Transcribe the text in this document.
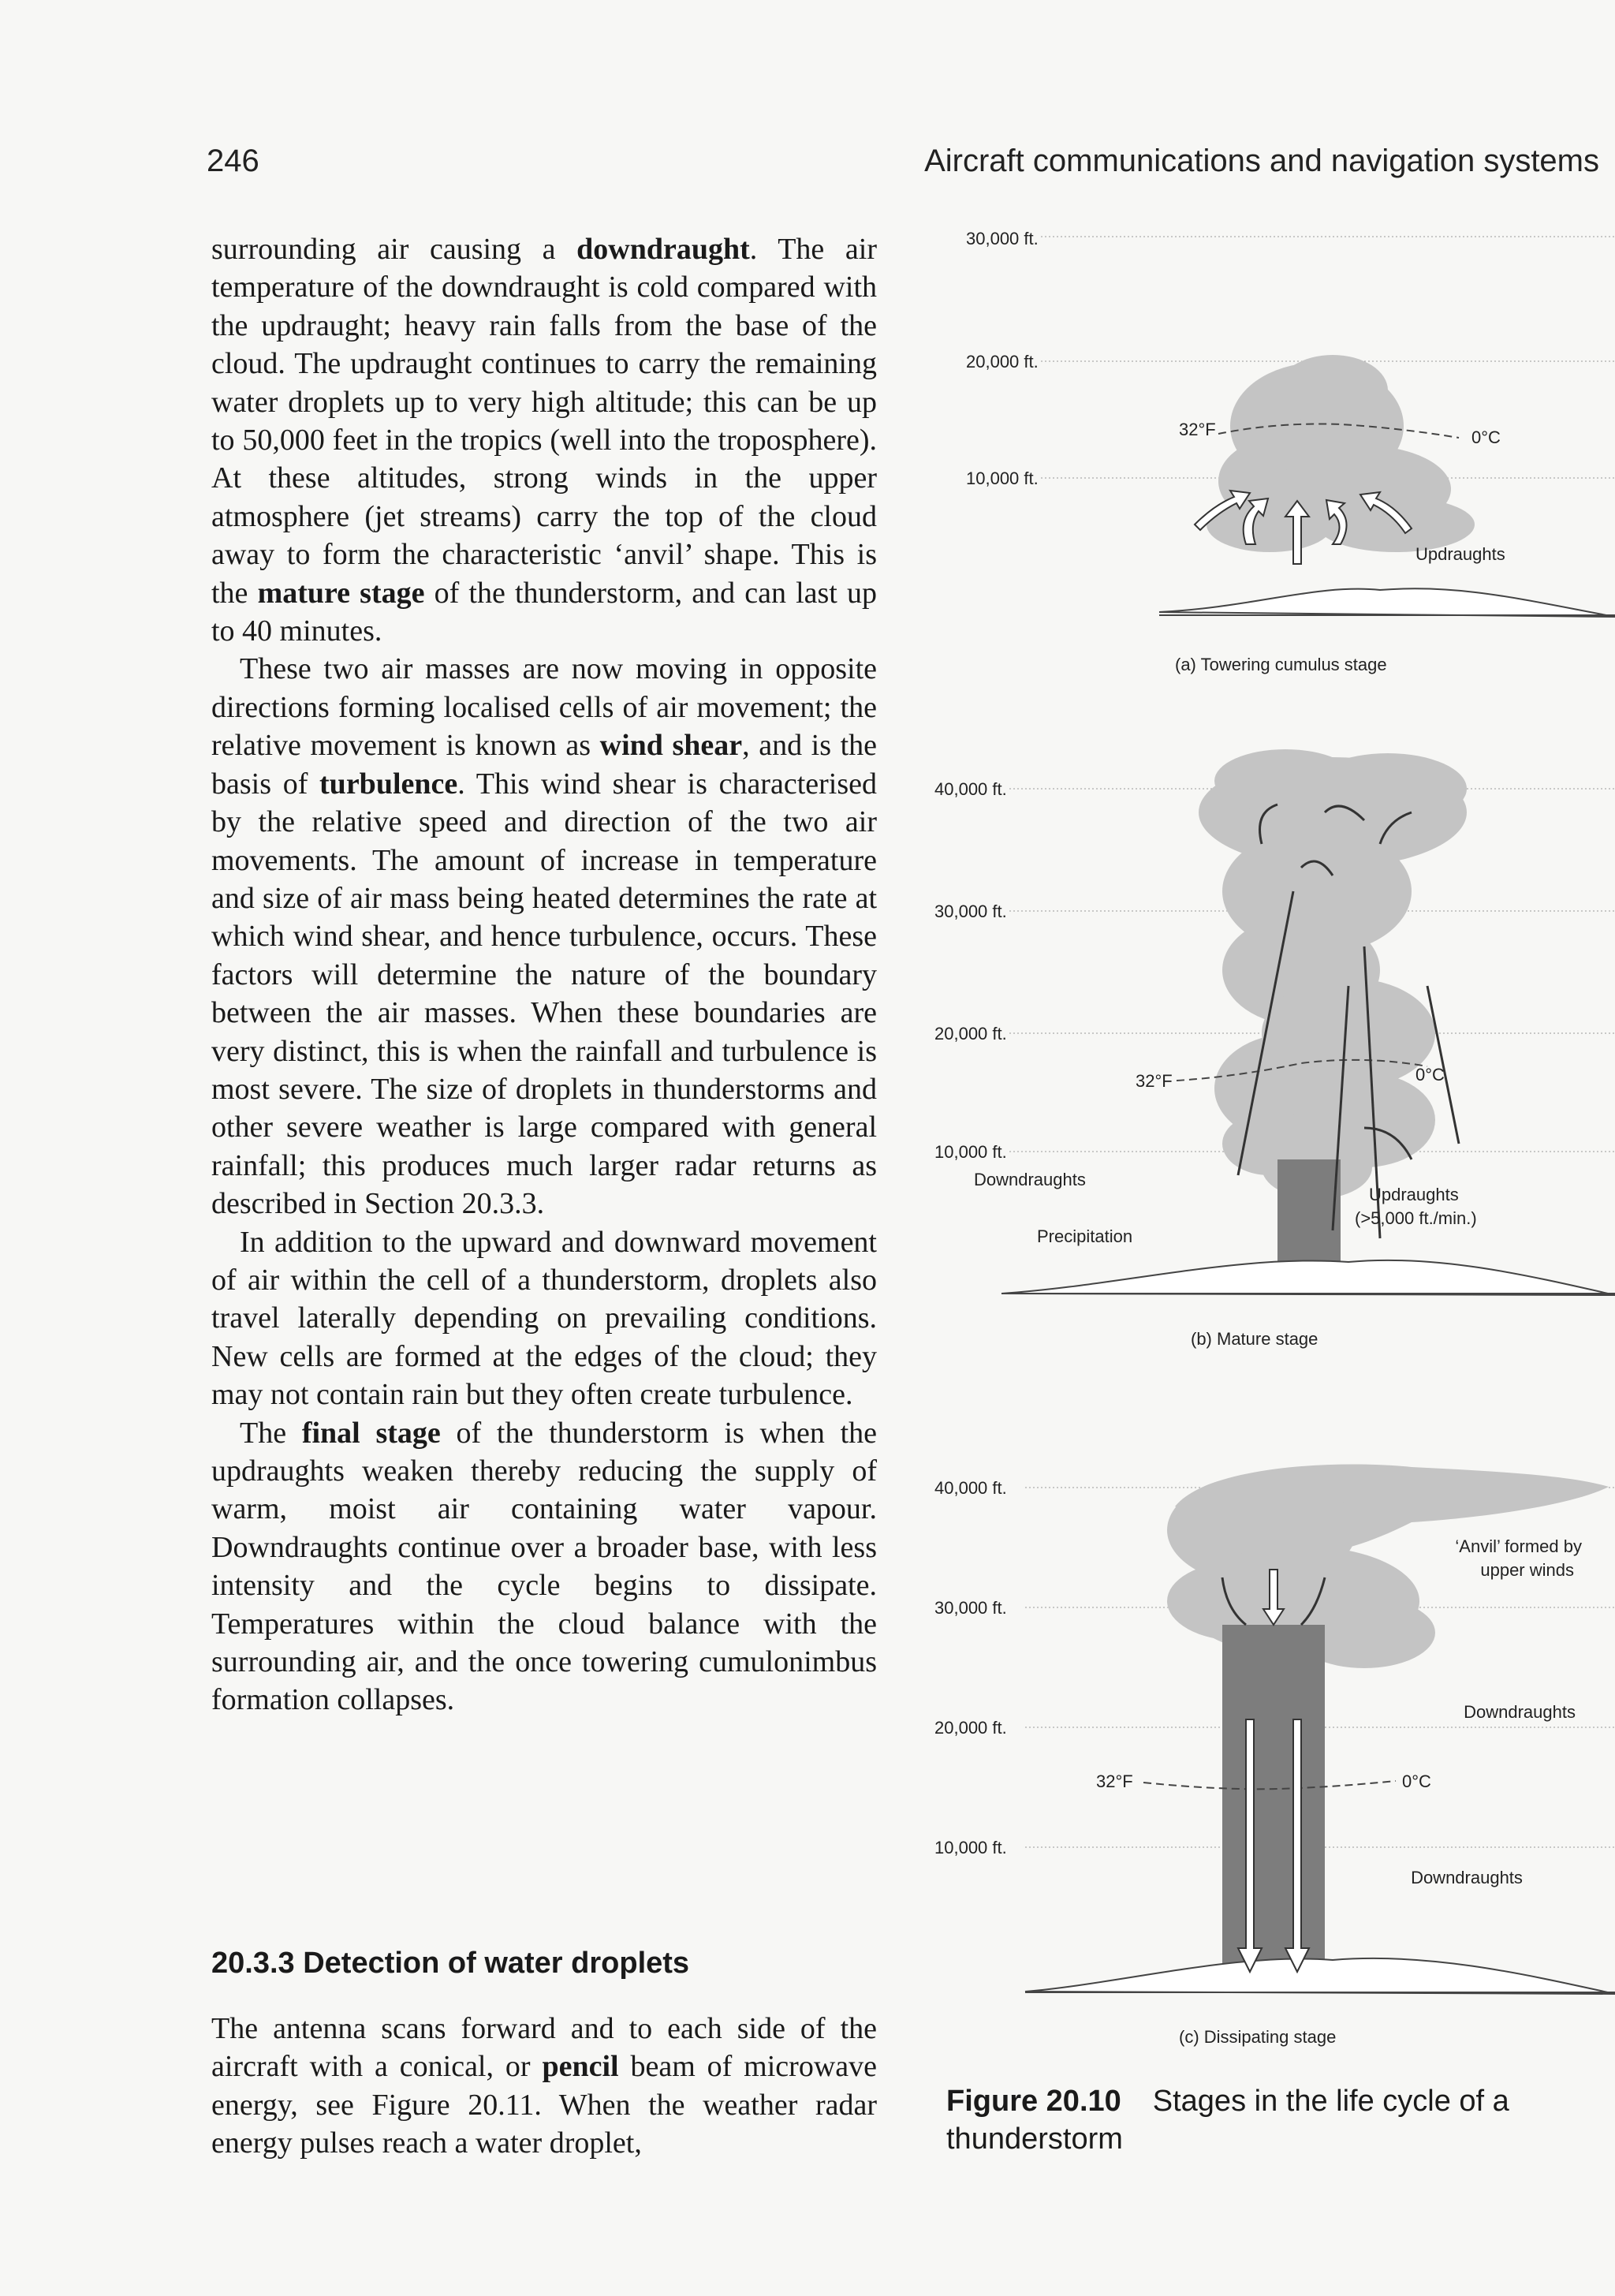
246	Aircraft communications and navigation systems

surrounding air causing a downdraught. The air temperature of the downdraught is cold compared with the updraught; heavy rain falls from the base of the cloud. The updraught continues to carry the remaining water droplets up to very high altitude; this can be up to 50,000 feet in the tropics (well into the troposphere). At these altitudes, strong winds in the upper atmosphere (jet streams) carry the top of the cloud away to form the characteristic ‘anvil’ shape. This is the mature stage of the thunderstorm, and can last up to 40 minutes.

These two air masses are now moving in opposite directions forming localised cells of air movement; the relative movement is known as wind shear, and is the basis of turbulence. This wind shear is characterised by the relative speed and direction of the two air movements. The amount of increase in temperature and size of air mass being heated determines the rate at which wind shear, and hence turbulence, occurs. These factors will determine the nature of the boundary between the air masses. When these boundaries are very distinct, this is when the rainfall and turbulence is most severe. The size of droplets in thunderstorms and other severe weather is large compared with general rainfall; this produces much larger radar returns as described in Section 20.3.3.

In addition to the upward and downward movement of air within the cell of a thunderstorm, droplets also travel laterally depending on prevailing conditions. New cells are formed at the edges of the cloud; they may not contain rain but they often create turbulence.

The final stage of the thunderstorm is when the updraughts weaken thereby reducing the supply of warm, moist air containing water vapour. Downdraughts continue over a broader base, with less intensity and the cycle begins to dissipate. Temperatures within the cloud balance with the surrounding air, and the once towering cumulonimbus formation collapses.

20.3.3 Detection of water droplets

The antenna scans forward and to each side of the aircraft with a conical, or pencil beam of microwave energy, see Figure 20.11. When the weather radar energy pulses reach a water droplet,

30,000 ft.
20,000 ft.
10,000 ft.
32°F	0°C
Updraughts
(a) Towering cumulus stage
40,000 ft.
30,000 ft.
20,000 ft.
10,000 ft.
32°F	0°C
Downdraughts
Precipitation
Updraughts
(>5,000 ft./min.)
(b) Mature stage
40,000 ft.
30,000 ft.
20,000 ft.
10,000 ft.
32°F	0°C
‘Anvil’ formed by
upper winds
Downdraughts
Downdraughts
(c) Dissipating stage
Figure 20.10 Stages in the life cycle of a thunderstorm
